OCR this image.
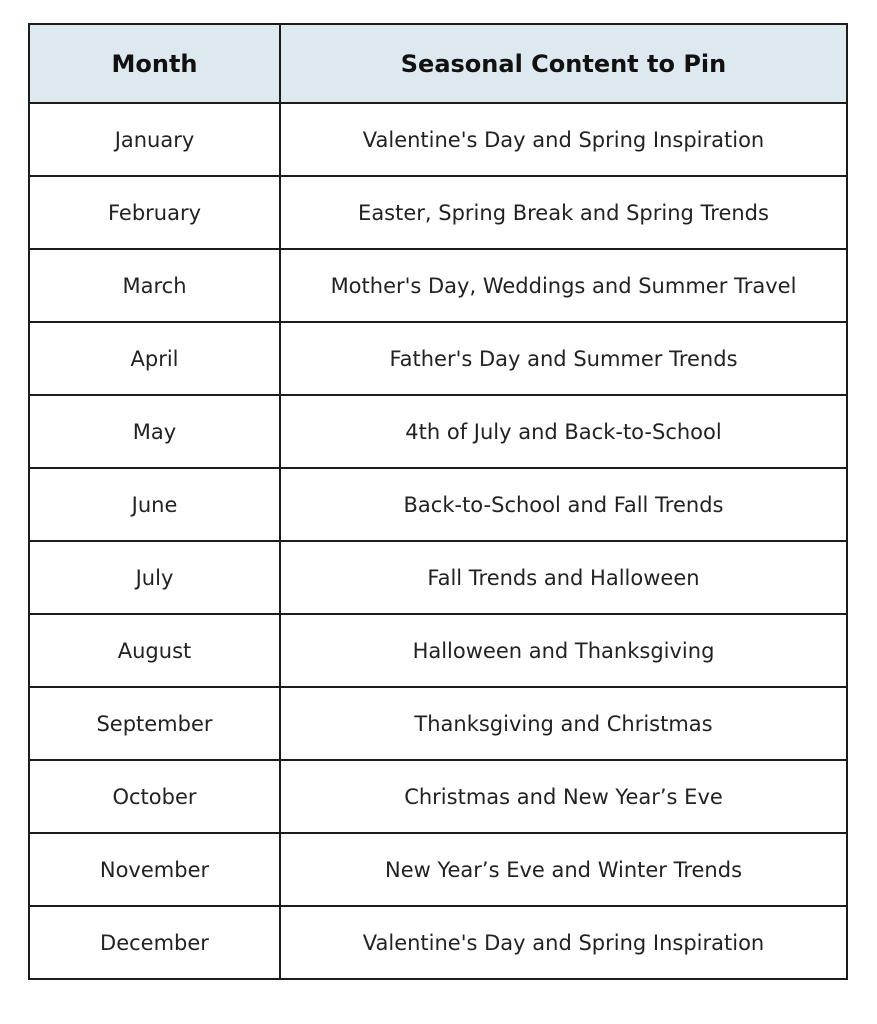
Month	Seasonal Content to Pin
January	Valentine's Day and Spring Inspiration
February	Easter, Spring Break and Spring Trends
March	Mother's Day, Weddings and Summer Travel
April	Father's Day and Summer Trends
May	4th of July and Back-to-School
June	Back-to-School and Fall Trends
July	Fall Trends and Halloween
August	Halloween and Thanksgiving
September	Thanksgiving and Christmas
October	Christmas and New Year’s Eve
November	New Year’s Eve and Winter Trends
December	Valentine's Day and Spring Inspiration
